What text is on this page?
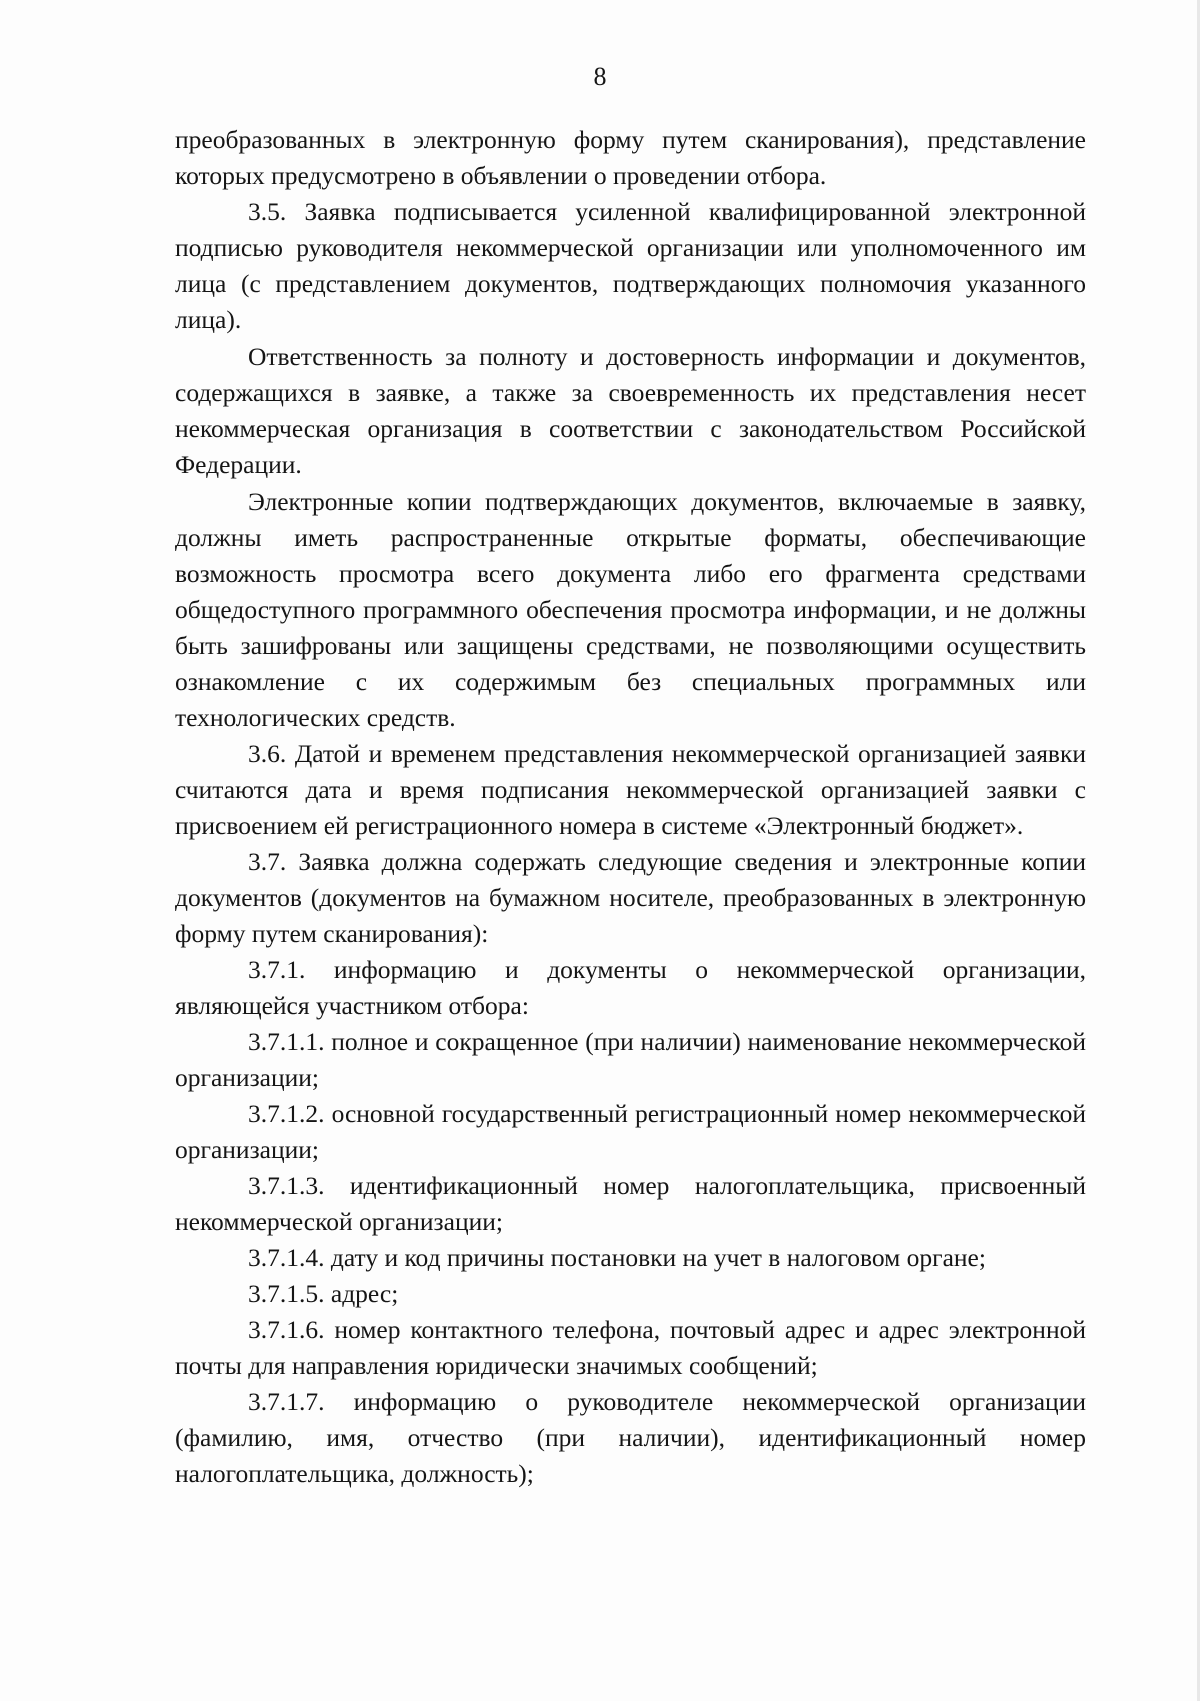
8

преобразованных в электронную форму путем сканирования), представление которых предусмотрено в объявлении о проведении отбора.

3.5. Заявка подписывается усиленной квалифицированной электронной подписью руководителя некоммерческой организации или уполномоченного им лица (с представлением документов, подтверждающих полномочия указанного лица).

Ответственность за полноту и достоверность информации и документов, содержащихся в заявке, а также за своевременность их представления несет некоммерческая организация в соответствии с законодательством Российской Федерации.

Электронные копии подтверждающих документов, включаемые в заявку, должны иметь распространенные открытые форматы, обеспечивающие возможность просмотра всего документа либо его фрагмента средствами общедоступного программного обеспечения просмотра информации, и не должны быть зашифрованы или защищены средствами, не позволяющими осуществить ознакомление с их содержимым без специальных программных или технологических средств.

3.6. Датой и временем представления некоммерческой организацией заявки считаются дата и время подписания некоммерческой организацией заявки с присвоением ей регистрационного номера в системе «Электронный бюджет».

3.7. Заявка должна содержать следующие сведения и электронные копии документов (документов на бумажном носителе, преобразованных в электронную форму путем сканирования):

3.7.1. информацию и документы о некоммерческой организации, являющейся участником отбора:

3.7.1.1. полное и сокращенное (при наличии) наименование некоммерческой организации;

3.7.1.2. основной государственный регистрационный номер некоммерческой организации;

3.7.1.3. идентификационный номер налогоплательщика, присвоенный некоммерческой организации;

3.7.1.4. дату и код причины постановки на учет в налоговом органе;

3.7.1.5. адрес;

3.7.1.6. номер контактного телефона, почтовый адрес и адрес электронной почты для направления юридически значимых сообщений;

3.7.1.7. информацию о руководителе некоммерческой организации (фамилию, имя, отчество (при наличии), идентификационный номер налогоплательщика, должность);
